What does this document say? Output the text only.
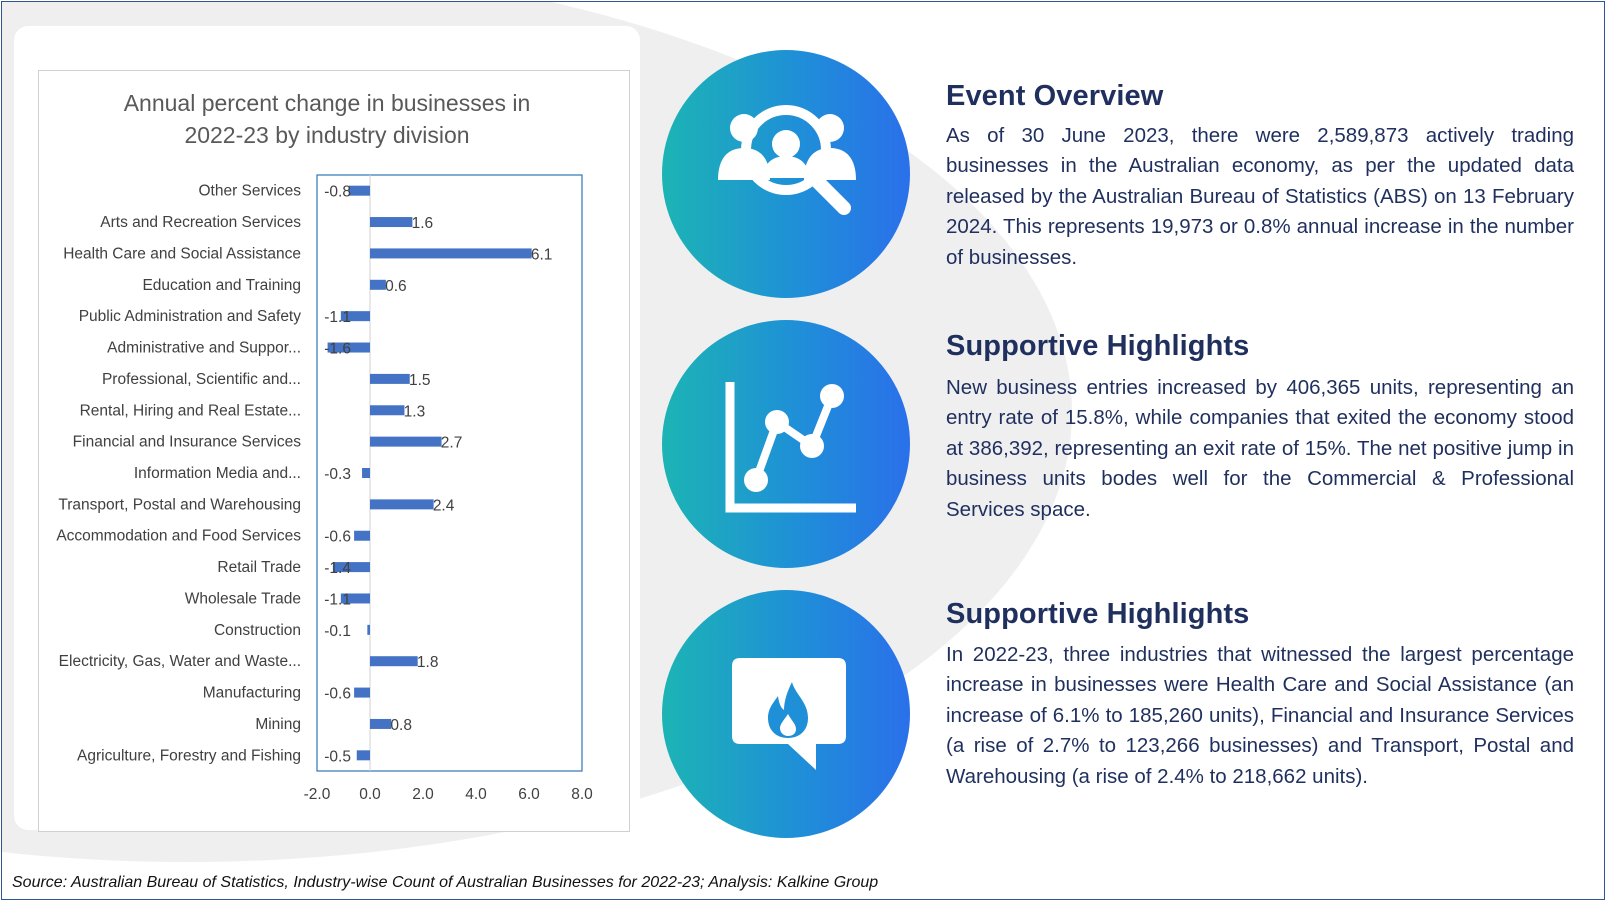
Annual percent change in businesses in
2022-23 by industry division
Other Services -0.8
Arts and Recreation Services	1.6
Health Care and Social Assistance	6.1
Education and Training	0.6
Public Administration and Safety -1.1
Administrative and Suppor... -1.6
Professional, Scientific and...	1.5
Rental, Hiring and Real Estate...	1.3
Financial and Insurance Services	2.7
Information Media and... -0.3
Transport, Postal and Warehousing	2.4
Accommodation and Food Services -0.6
Retail Trade -1.4
Wholesale Trade -1.1
Construction -0.1
Electricity, Gas, Water and Waste...	1.8
Manufacturing -0.6
Mining	0.8
Agriculture, Forestry and Fishing -0.5
-2.0 0.0 2.0 4.0 6.0 8.0
Event Overview

As of 30 June 2023, there were 2,589,873 actively trading businesses in the Australian economy, as per the updated data released by the Australian Bureau of Statistics (ABS) on 13 February 2024. This represents 19,973 or 0.8% annual increase in the number of businesses.

Supportive Highlights

New business entries increased by 406,365 units, representing an entry rate of 15.8%, while companies that exited the economy stood at 386,392, representing an exit rate of 15%. The net positive jump in business units bodes well for the Commercial & Professional Services space.

Supportive Highlights

In 2022-23, three industries that witnessed the largest percentage increase in businesses were Health Care and Social Assistance (an increase of 6.1% to 185,260 units), Financial and Insurance Services (a rise of 2.7% to 123,266 businesses) and Transport, Postal and Warehousing (a rise of 2.4% to 218,662 units).

Source: Australian Bureau of Statistics, Industry-wise Count of Australian Businesses for 2022-23; Analysis: Kalkine Group
